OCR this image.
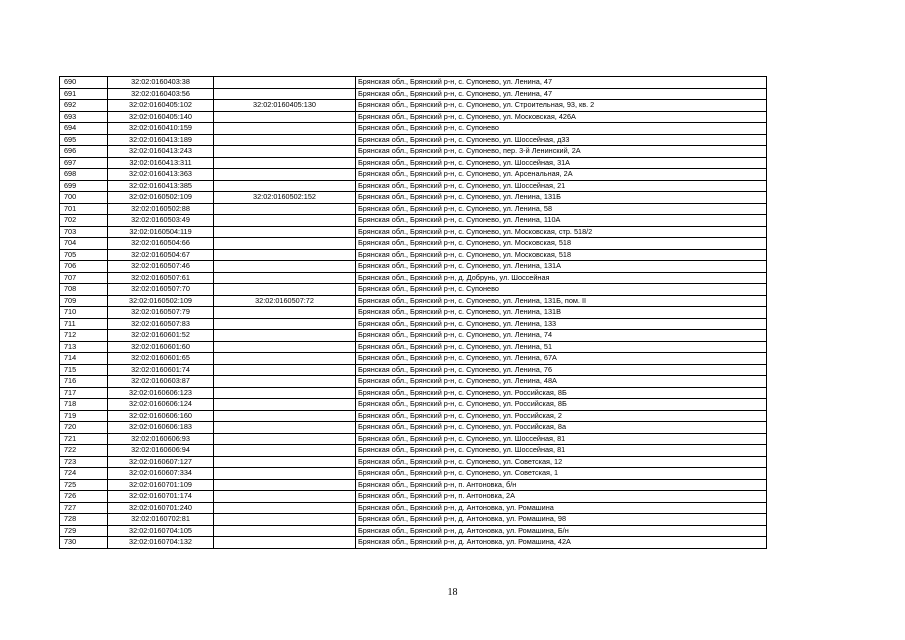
690	32:02:0160403:38		Брянская обл., Брянский р-н, с. Супонево, ул. Ленина, 47
691	32:02:0160403:56		Брянская обл., Брянский р-н, с. Супонево, ул. Ленина, 47
692	32:02:0160405:102	32:02:0160405:130	Брянская обл., Брянский р-н, с. Супонево, ул. Строительная, 93, кв. 2
693	32:02:0160405:140		Брянская обл., Брянский р-н, с. Супонево, ул. Московская, 426А
694	32:02:0160410:159		Брянская обл., Брянский р-н, с. Супонево
695	32:02:0160413:189		Брянская обл., Брянский р-н, с. Супонево, ул. Шоссейная, д33
696	32:02:0160413:243		Брянская обл., Брянский р-н, с. Супонево, пер. 3-й Ленинский, 2А
697	32:02:0160413:311		Брянская обл., Брянский р-н, с. Супонево, ул. Шоссейная, 31А
698	32:02:0160413:363		Брянская обл., Брянский р-н, с. Супонево, ул. Арсенальная, 2А
699	32:02:0160413:385		Брянская обл., Брянский р-н, с. Супонево, ул. Шоссейная, 21
700	32:02:0160502:109	32:02:0160502:152	Брянская обл., Брянский р-н, с. Супонево, ул. Ленина, 131Б
701	32:02:0160502:88		Брянская обл., Брянский р-н, с. Супонево, ул. Ленина, 58
702	32:02:0160503:49		Брянская обл., Брянский р-н, с. Супонево, ул. Ленина, 110А
703	32:02:0160504:119		Брянская обл., Брянский р-н, с. Супонево, ул. Московская, стр. 518/2
704	32:02:0160504:66		Брянская обл., Брянский р-н, с. Супонево, ул. Московская, 518
705	32:02:0160504:67		Брянская обл., Брянский р-н, с. Супонево, ул. Московская, 518
706	32:02:0160507:46		Брянская обл., Брянский р-н, с. Супонево, ул. Ленина, 131А
707	32:02:0160507:61		Брянская обл., Брянский р-н, д. Добрунь, ул. Шоссейная
708	32:02:0160507:70		Брянская обл., Брянский р-н, с. Супонево
709	32:02:0160502:109	32:02:0160507:72	Брянская обл., Брянский р-н, с. Супонево, ул. Ленина, 131Б, пом. II
710	32:02:0160507:79		Брянская обл., Брянский р-н, с. Супонево, ул. Ленина, 131В
711	32:02:0160507:83		Брянская обл., Брянский р-н, с. Супонево, ул. Ленина, 133
712	32:02:0160601:52		Брянская обл., Брянский р-н, с. Супонево, ул. Ленина, 74
713	32:02:0160601:60		Брянская обл., Брянский р-н, с. Супонево, ул. Ленина, 51
714	32:02:0160601:65		Брянская обл., Брянский р-н, с. Супонево, ул. Ленина, 67А
715	32:02:0160601:74		Брянская обл., Брянский р-н, с. Супонево, ул. Ленина, 76
716	32:02:0160603:87		Брянская обл., Брянский р-н, с. Супонево, ул. Ленина, 48А
717	32:02:0160606:123		Брянская обл., Брянский р-н, с. Супонево, ул. Российская, 8Б
718	32:02:0160606:124		Брянская обл., Брянский р-н, с. Супонево, ул. Российская, 8Б
719	32:02:0160606:160		Брянская обл., Брянский р-н, с. Супонево, ул. Российская, 2
720	32:02:0160606:183		Брянская обл., Брянский р-н, с. Супонево, ул. Российская, 8а
721	32:02:0160606:93		Брянская обл., Брянский р-н, с. Супонево, ул. Шоссейная, 81
722	32:02:0160606:94		Брянская обл., Брянский р-н, с. Супонево, ул. Шоссейная, 81
723	32:02:0160607:127		Брянская обл., Брянский р-н, с. Супонево, ул. Советская, 12
724	32:02:0160607:334		Брянская обл., Брянский р-н, с. Супонево, ул. Советская, 1
725	32:02:0160701:109		Брянская обл., Брянский р-н, п. Антоновка, б/н
726	32:02:0160701:174		Брянская обл., Брянский р-н, п. Антоновка, 2А
727	32:02:0160701:240		Брянская обл., Брянский р-н, д. Антоновка, ул. Ромашина
728	32:02:0160702:81		Брянская обл., Брянский р-н, д. Антоновка, ул. Ромашина, 98
729	32:02:0160704:105		Брянская обл., Брянский р-н, д. Антоновка, ул. Ромашина, Б/н
730	32:02:0160704:132		Брянская обл., Брянский р-н, д. Антоновка, ул. Ромашина, 42А
18
